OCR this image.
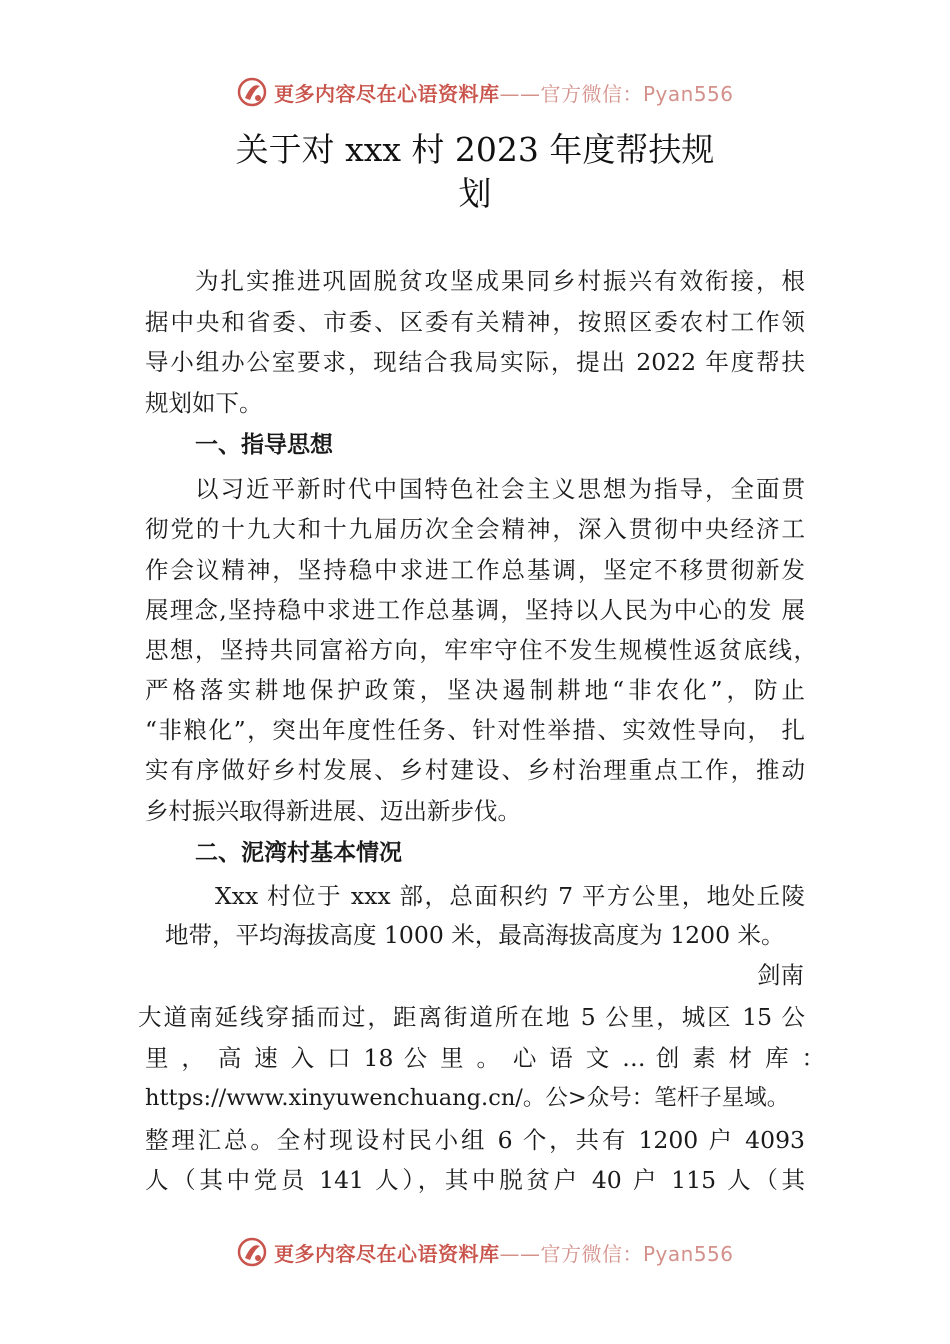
更多内容尽在心语资料库——官方微信：Pyan556
关于对 xxx 村 2023 年度帮扶规
划
为扎实推进巩固脱贫攻坚成果同乡村振兴有效衔接，根
据中央和省委、市委、区委有关精神，按照区委农村工作领
导小组办公室要求，现结合我局实际，提出 2022 年度帮扶
规划如下。
一、指导思想
以习近平新时代中国特色社会主义思想为指导，全面贯
彻党的十九大和十九届历次全会精神，深入贯彻中央经济工
作会议精神，坚持稳中求进工作总基调，坚定不移贯彻新发
展理念,坚持稳中求进工作总基调，坚持以人民为中心的发 展
思想，坚持共同富裕方向，牢牢守住不发生规模性返贫底线，
严格落实耕地保护政策，坚决遏制耕地“非农化”，防止
“非粮化”，突出年度性任务、针对性举措、实效性导向， 扎
实有序做好乡村发展、乡村建设、乡村治理重点工作，推动
乡村振兴取得新进展、迈出新步伐。
二、泥湾村基本情况
Xxx 村位于 xxx 部，总面积约 7 平方公里，地处丘陵
地带，平均海拔高度 1000 米，最高海拔高度为 1200 米。
剑南
大道南延线穿插而过，距离街道所在地 5 公里，城区 15 公
里 ， 高 速 入 口 18 公 里 。 心 语 文 … 创 素 材 库 ：
https://www.xinyuwenchuang.cn/。公>众号：笔杆子星域。
整理汇总。全村现设村民小组 6 个，共有 1200 户 4093
人（其中党员 141 人），其中脱贫户 40 户 115 人（其
更多内容尽在心语资料库——官方微信：Pyan556
